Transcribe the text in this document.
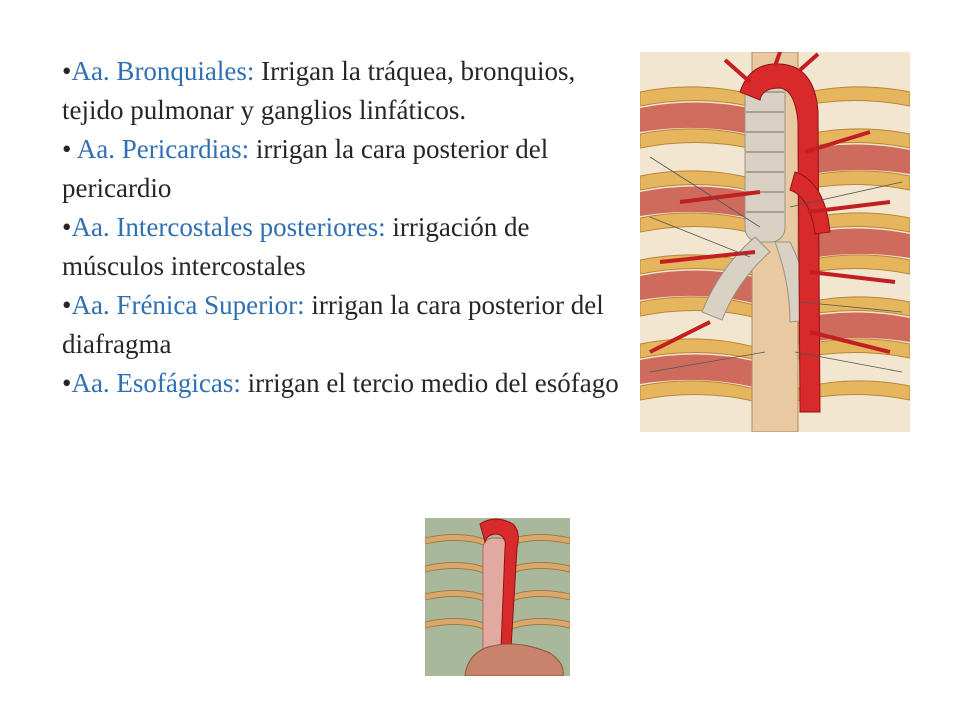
•Aa. Bronquiales: Irrigan la tráquea, bronquios, tejido pulmonar y ganglios linfáticos.

• Aa. Pericardias: irrigan la cara posterior del pericardio

•Aa. Intercostales posteriores: irrigación de músculos intercostales

•Aa. Frénica Superior: irrigan la cara posterior del diafragma

•Aa. Esofágicas: irrigan el tercio medio del esófago
